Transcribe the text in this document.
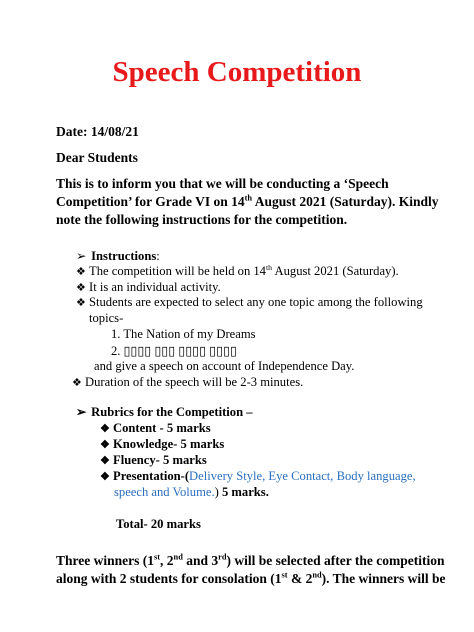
Speech Competition
Date: 14/08/21
Dear Students
This is to inform you that we will be conducting a ‘Speech
Competition’ for Grade VI on 14th August 2021 (Saturday). Kindly
note the following instructions for the competition.
➢ Instructions:
❖ The competition will be held on 14th August 2021 (Saturday).
❖ It is an individual activity.
❖ Students are expected to select any one topic among the following
topics-
1. The Nation of my Dreams
2. ▯▯▯▯ ▯▯▯ ▯▯▯▯ ▯▯▯▯
and give a speech on account of Independence Day.
❖ Duration of the speech will be 2-3 minutes.
➢ Rubrics for the Competition –
❖ Content - 5 marks
❖ Knowledge- 5 marks
❖ Fluency- 5 marks
❖ Presentation-(Delivery Style, Eye Contact, Body language,
speech and Volume.) 5 marks.
Total- 20 marks
Three winners (1st, 2nd and 3rd) will be selected after the competition
along with 2 students for consolation (1st & 2nd). The winners will be
